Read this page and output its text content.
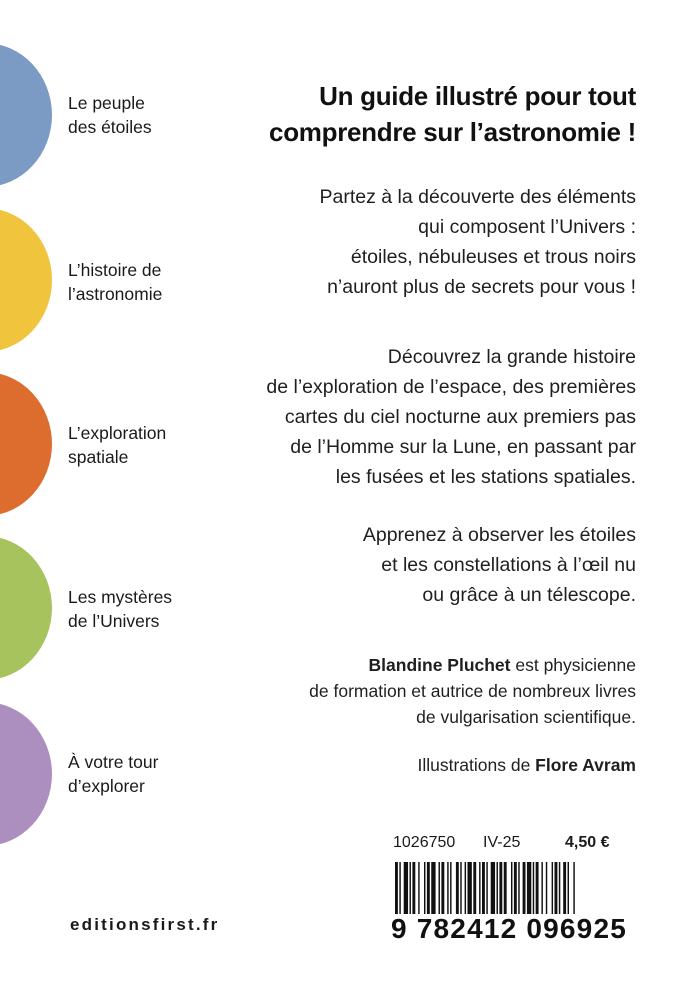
Le peuple
des étoiles
L’histoire de
l’astronomie
L’exploration
spatiale
Les mystères
de l’Univers
À votre tour
d’explorer
Un guide illustré pour tout comprendre sur l’astronomie !
Partez à la découverte des éléments
qui composent l’Univers :
étoiles, nébuleuses et trous noirs
n’auront plus de secrets pour vous !
Découvrez la grande histoire
de l’exploration de l’espace, des premières
cartes du ciel nocturne aux premiers pas
de l’Homme sur la Lune, en passant par
les fusées et les stations spatiales.
Apprenez à observer les étoiles
et les constellations à l’œil nu
ou grâce à un télescope.
Blandine Pluchet est physicienne
de formation et autrice de nombreux livres
de vulgarisation scientifique.
Illustrations de Flore Avram
1026750 IV-25	4,50 €
9 782412 096925
editionsfirst.fr
